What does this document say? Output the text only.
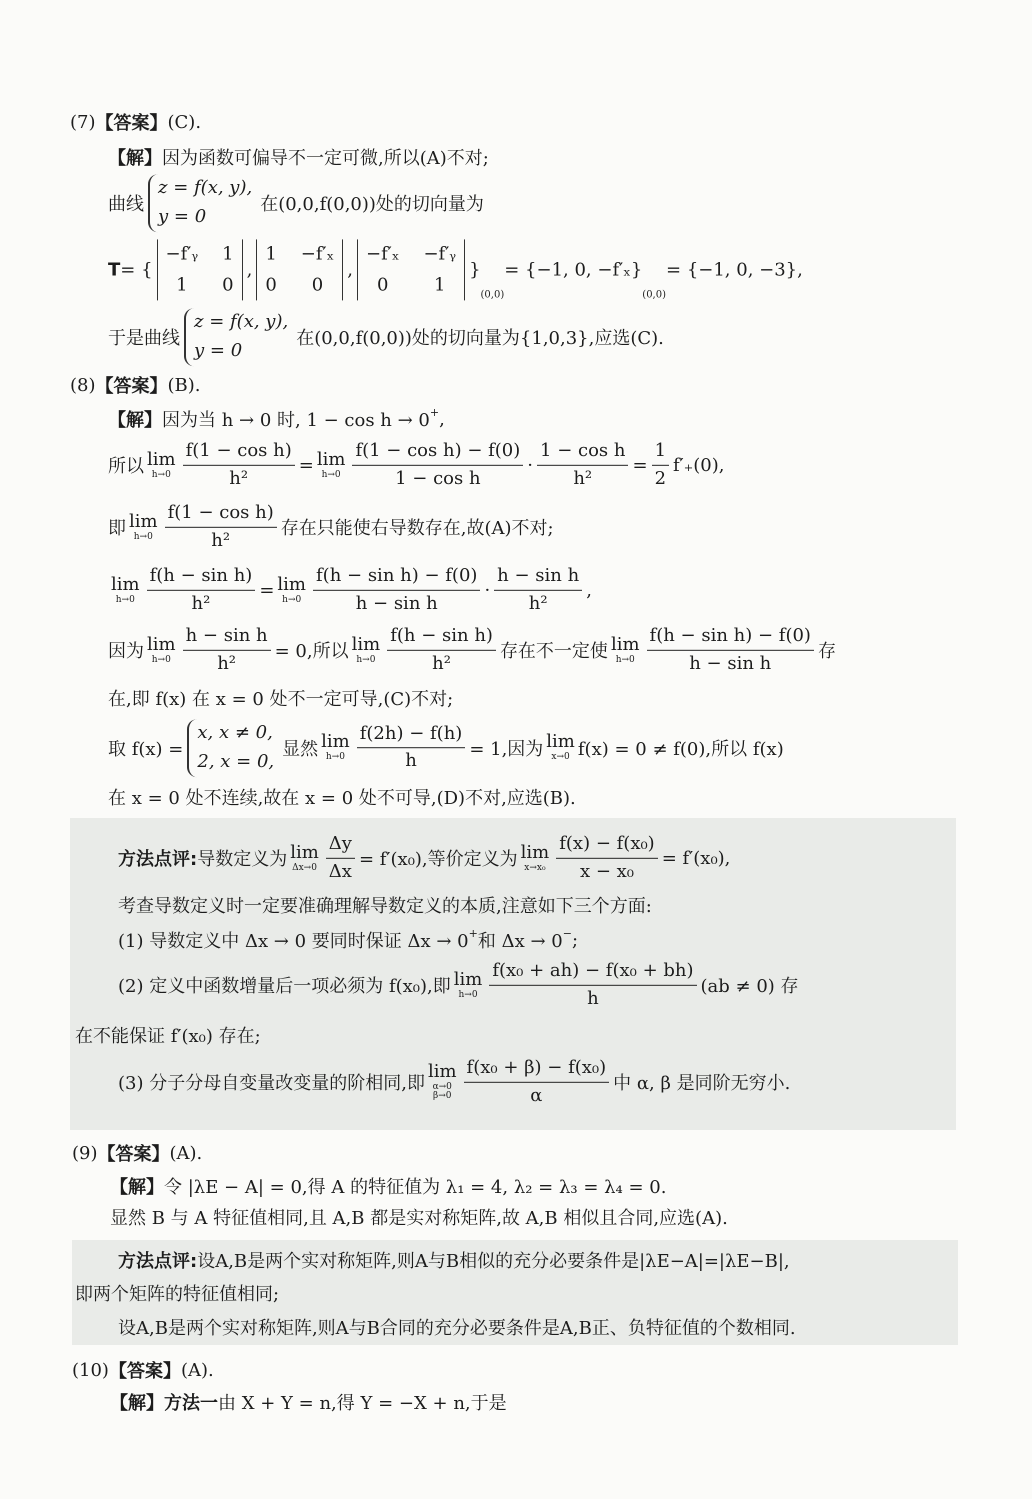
(7) 【答案】 (C).
【解】 因为函数可偏导不一定可微,所以(A)不对;
曲线
z = f(x, y),
y = 0
在(0,0,f(0,0))处的切向量为
T = {
−f′ᵧ 1
1	0
,
1 −f′ₓ
0	0
,
−f′ₓ −f′ᵧ
0	1
}
(0,0)
= {−1, 0, −f′ₓ}
(0,0)
= {−1, 0, −3},
于是曲线
z = f(x, y),
y = 0
在(0,0,f(0,0))处的切向量为{1,0,3},应选(C).
(8) 【答案】 (B).
【解】 因为当 h → 0 时, 1 − cos h → 0 + ,
所以 lim
$h\to 0 \frac{\text{f(1 − cos h)}}{\text{h²}} = \lim$
$h\to 0 \frac{\text{f(1 − cos h) − f(0)}}{\text{1 − cos h}} \cdot \frac{\text{1 − cos h}}{\text{h²}} = \frac{1}{2} f'_+(0)$,
即 lim
$h\to 0 \frac{\text{f(1 − cos h)}}{\text{h²}}$ 存在只能使右导数存在,故(A)不对;
lim
$h\to 0 \frac{\text{f(h − sin h)}}{\text{h²}} = \lim$
$h\to 0 \frac{\text{f(h − sin h) − f(0)}}{\text{h − sin h}} \cdot \frac{\text{h − sin h}}{\text{h²}}$ ,
因为 lim
$h\to 0 \frac{\text{h − sin h}}{\text{h²}} = 0$,所以 lim
$h\to 0 \frac{\text{f(h − sin h)}}{\text{h²}}$ 存在不一定使 lim
$h\to 0 \frac{\text{f(h − sin h) − f(0)}}{\text{h − sin h}}$ 存
在,即 f(x) 在 x = 0 处不一定可导,(C)不对;
取 f(x) =
x, x ≠ 0,
2, x = 0,
显然 lim
$h\to 0 \frac{f(2h) - f(h)}{h} = 1$,因为 lim
x→0 f(x) = 0 ≠ f(0),所以 f(x)
在 x = 0 处不连续,故在 x = 0 处不可导,(D)不对,应选(B).
方法点评: 导数定义为 lim
$\Delta x\to 0 \frac{\Delta y}{\Delta x} = f'(x_0)$,等价定义为 lim
$x\to x_0 \frac{\text{f(x) − f(x₀)}}{\text{x − x₀}} = f'(x_0)$,
考查导数定义时一定要准确理解导数定义的本质,注意如下三个方面:
(1) 导数定义中 Δx → 0 要同时保证 Δx → 0 + 和 Δx → 0 − ;
(2) 定义中函数增量后一项必须为 f(x₀),即 lim
$h\to 0 \frac{\text{f(x₀ + ah) − f(x₀ + bh)}}{h} (ab \ne 0)$ 存
在不能保证 f′(x₀) 存在;
(3) 分子分母自变量改变量的阶相同,即
lim
α→0
$\beta\to 0 \frac{\text{f(x₀ + β) − f(x₀)}}{\alpha}$ 中 α, β 是同阶无穷小.
(9) 【答案】 (A).
【解】 令 |λE − A| = 0,得 A 的特征值为 λ₁ = 4, λ₂ = λ₃ = λ₄ = 0.
显然 B 与 A 特征值相同,且 A,B 都是实对称矩阵,故 A,B 相似且合同,应选(A).
方法点评: 设A,B是两个实对称矩阵,则A与B相似的充分必要条件是|λE−A|=|λE−B|,
即两个矩阵的特征值相同;
设A,B是两个实对称矩阵,则A与B合同的充分必要条件是A,B正、负特征值的个数相同.
(10) 【答案】 (A).
【解】 方法一 由 X + Y = n,得 Y = −X + n,于是
